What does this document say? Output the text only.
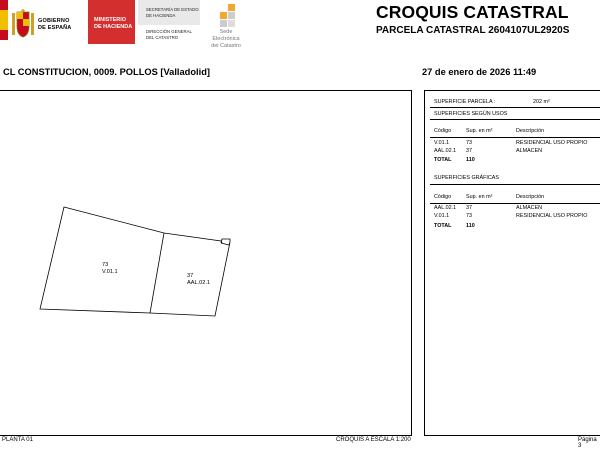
GOBIERNO
DE ESPAÑA
MINISTERIO
DE HACIENDA
SECRETARÍA DE ESTADO
DE HACIENDA
DIRECCIÓN GENERAL
DEL CATASTRO
Sede Electrónica
del Catastro
CROQUIS CATASTRAL
PARCELA CATASTRAL 2604107UL2920S
CL CONSTITUCION, 0009. POLLOS [Valladolid]	27 de enero de 2026 11:49
73
V.01.1
37
AAL.02.1
SUPERFICIE PARCELA :	202 m²
SUPERFICIES SEGÚN USOS
Código	Sup. en m²	Descripción
V.01.1	73	RESIDENCIAL USO PROPIO
AAL.02.1 37	ALMACEN
TOTAL	110
SUPERFICIES GRÁFICAS
Código	Sup. en m²	Descripción
AAL.02.1 37	ALMACEN
V.01.1	73	RESIDENCIAL USO PROPIO
TOTAL	110
PLANTA 01	CROQUIS A ESCALA 1:200	Página 3
